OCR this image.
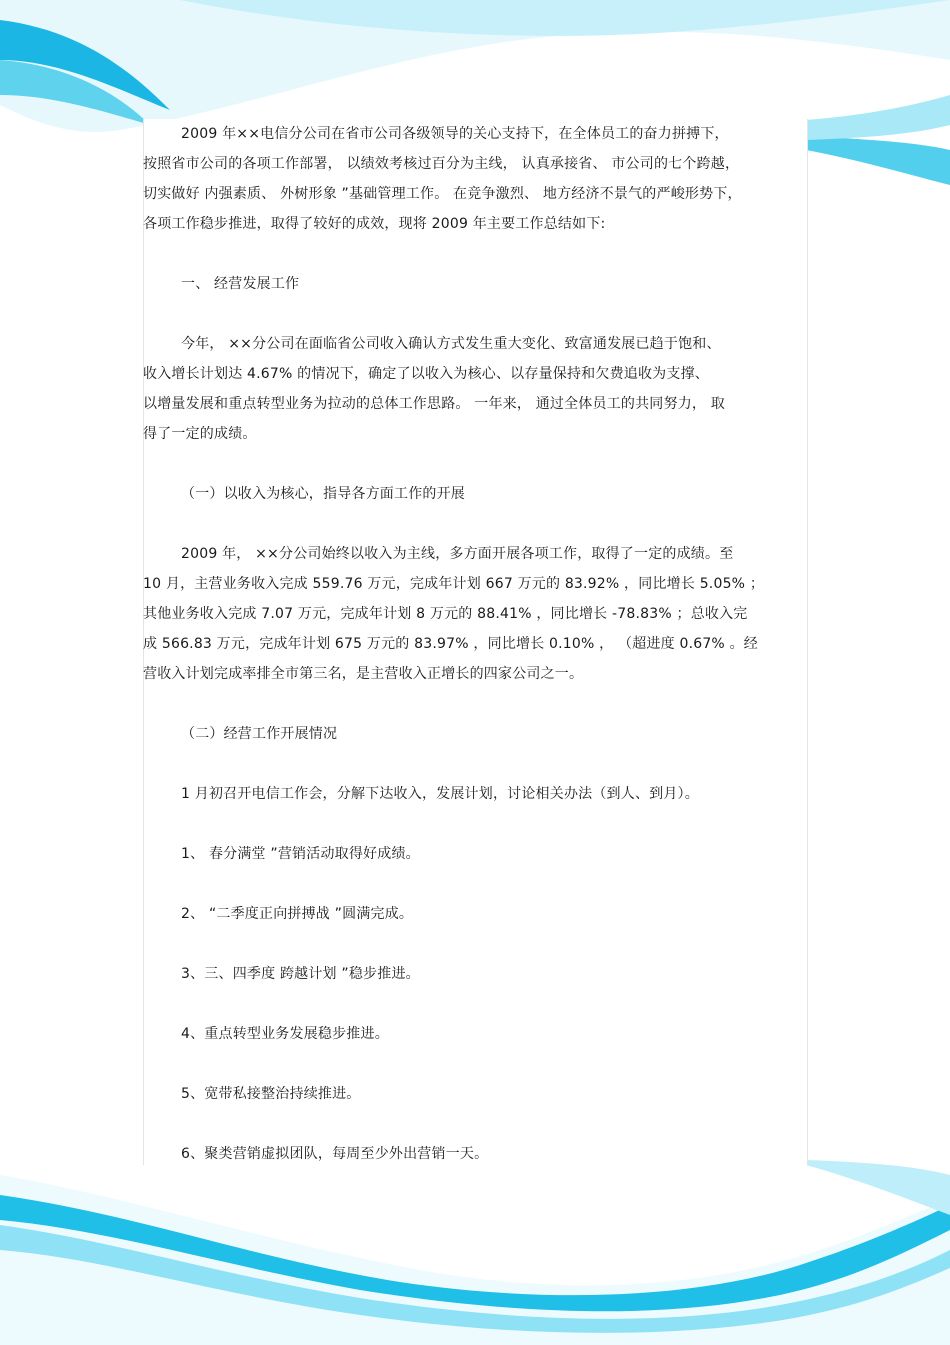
2009 年××电信分公司在省市公司各级领导的关心支持下，在全体员工的奋力拼搏下，
按照省市公司的各项工作部署， 以绩效考核过百分为主线， 认真承接省、 市公司的七个跨越，
切实做好 内强素质、 外树形象 ”基础管理工作。 在竞争激烈、 地方经济不景气的严峻形势下，
各项工作稳步推进，取得了较好的成效，现将 2009 年主要工作总结如下:
一、 经营发展工作
今年， ××分公司在面临省公司收入确认方式发生重大变化、致富通发展已趋于饱和、
收入增长计划达 4.67% 的情况下，确定了以收入为核心、以存量保持和欠费追收为支撑、
以增量发展和重点转型业务为拉动的总体工作思路。 一年来， 通过全体员工的共同努力， 取
得了一定的成绩。
（一）以收入为核心，指导各方面工作的开展
2009 年， ××分公司始终以收入为主线，多方面开展各项工作，取得了一定的成绩。至
10 月，主营业务收入完成 559.76 万元，完成年计划 667 万元的 83.92% ，同比增长 5.05% ；
其他业务收入完成 7.07 万元，完成年计划 8 万元的 88.41% ，同比增长 -78.83% ；总收入完
成 566.83 万元，完成年计划 675 万元的 83.97% ，同比增长 0.10% ， （超进度 0.67% 。经
营收入计划完成率排全市第三名，是主营收入正增长的四家公司之一。
（二）经营工作开展情况
1 月初召开电信工作会，分解下达收入，发展计划，讨论相关办法（到人、到月）。
1、 春分满堂 ”营销活动取得好成绩。
2、 “二季度正向拼搏战 ”圆满完成。
3、三、四季度 跨越计划 ”稳步推进。
4、重点转型业务发展稳步推进。
5、宽带私接整治持续推进。
6、聚类营销虚拟团队，每周至少外出营销一天。
